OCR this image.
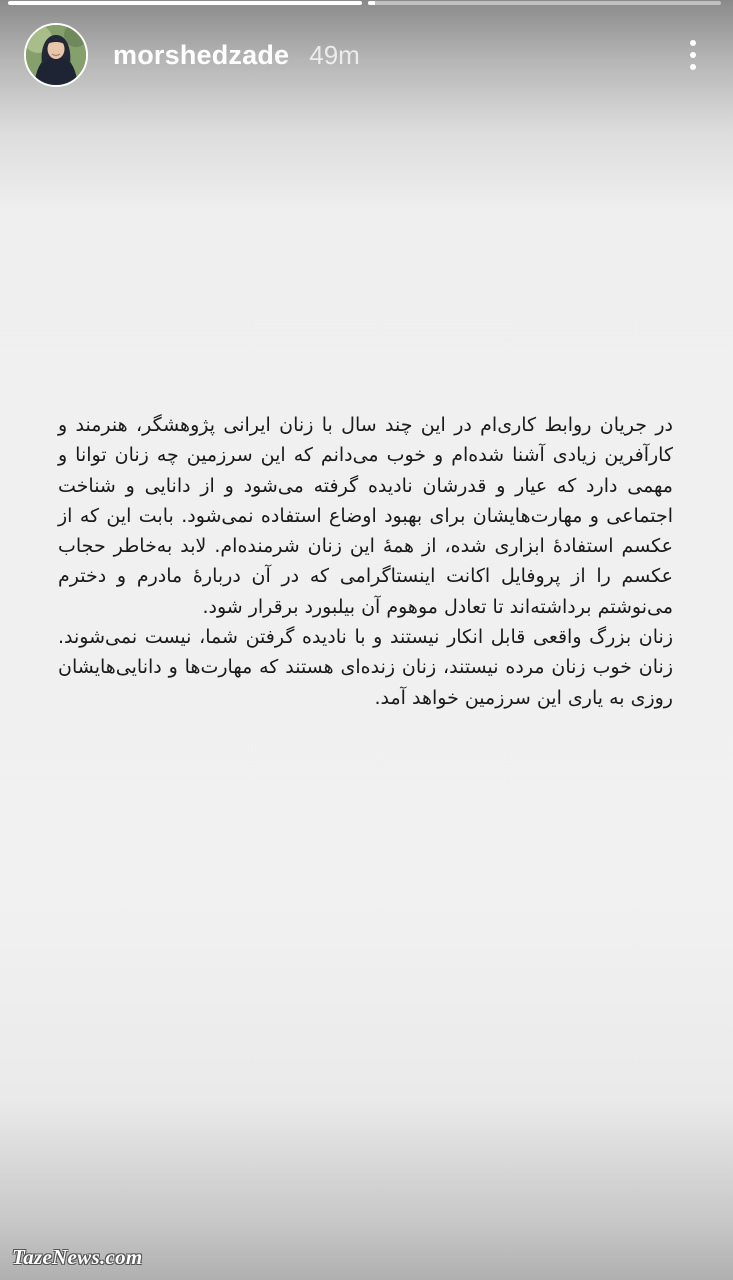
morshedzade 49m

در جریان روابط کاری‌ام در این چند سال با زنان ایرانی پژوهشگر، هنرمند و کارآفرین زیادی آشنا شده‌ام و خوب می‌دانم که این سرزمین چه زنان توانا و مهمی دارد که عیار و قدرشان نادیده گرفته می‌شود و از دانایی و شناخت اجتماعی و مهارت‌هایشان برای بهبود اوضاع استفاده نمی‌شود. بابت این که از عکسم استفادهٔ ابزاری شده، از همهٔ این زنان شرمنده‌ام. لابد به‌خاطر حجاب عکسم را از پروفایل اکانت اینستاگرامی که در آن دربارهٔ مادرم و دخترم می‌نوشتم برداشته‌اند تا تعادل موهوم آن بیلبورد برقرار شود.

زنان بزرگ واقعی قابل انکار نیستند و با نادیده گرفتن شما، نیست نمی‌شوند. زنان خوب زنان مرده نیستند، زنان زنده‌ای هستند که مهارت‌ها و دانایی‌هایشان روزی به یاری این سرزمین خواهد آمد.

TazeNews.com
